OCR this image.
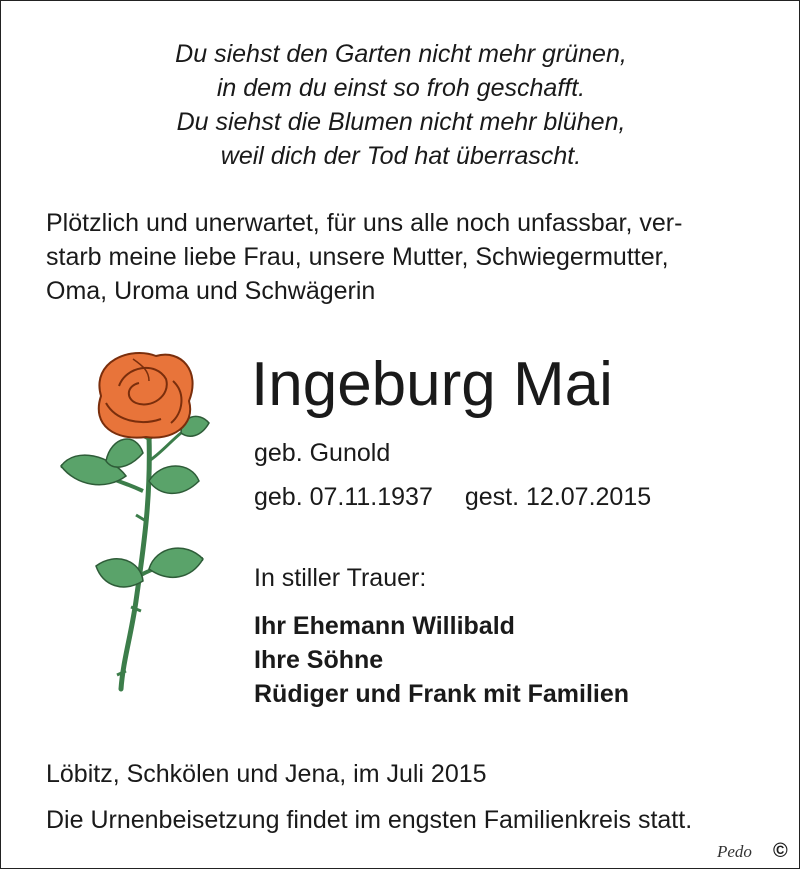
Du siehst den Garten nicht mehr grünen,
in dem du einst so froh geschafft.
Du siehst die Blumen nicht mehr blühen,
weil dich der Tod hat überrascht.
Plötzlich und unerwartet, für uns alle noch unfassbar, ver-
starb meine liebe Frau, unsere Mutter, Schwiegermutter,
Oma, Uroma und Schwägerin
Ingeburg Mai
geb. Gunold
geb. 07.11.1937 gest. 12.07.2015
In stiller Trauer:
Ihr Ehemann Willibald
Ihre Söhne
Rüdiger und Frank mit Familien
Löbitz, Schkölen und Jena, im Juli 2015
Die Urnenbeisetzung findet im engsten Familienkreis statt.
Pedo ©
